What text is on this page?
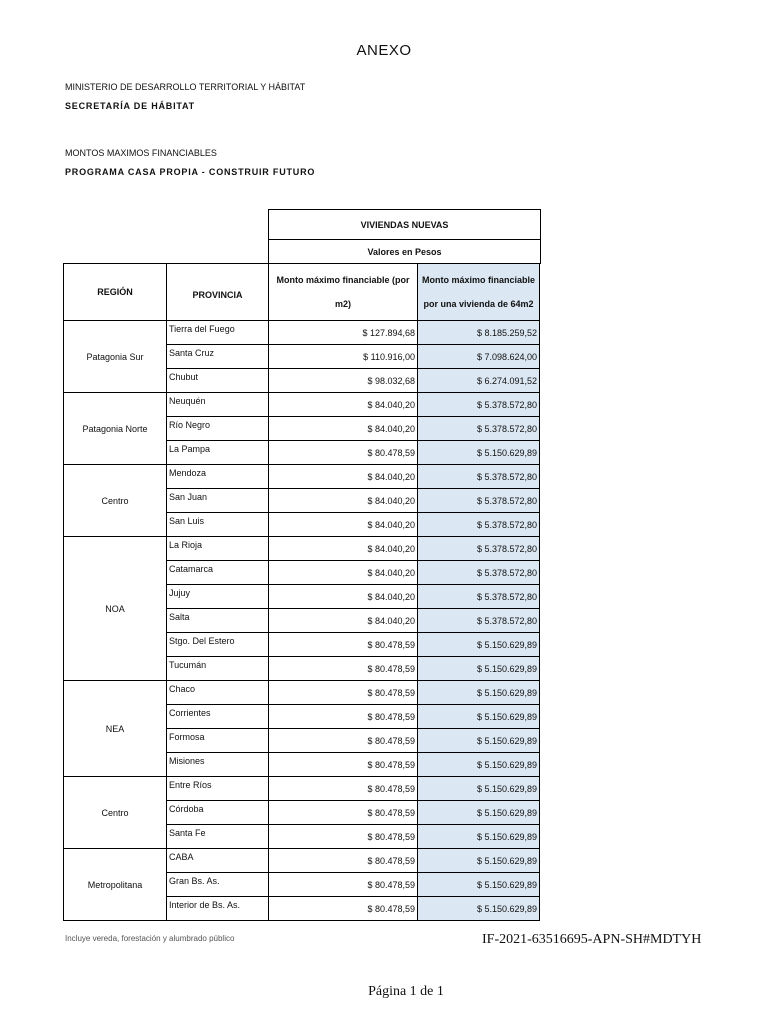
ANEXO
MINISTERIO DE DESARROLLO TERRITORIAL Y HÁBITAT
SECRETARÍA DE HÁBITAT
MONTOS MAXIMOS FINANCIABLES
PROGRAMA CASA PROPIA - CONSTRUIR FUTURO
VIVIENDAS NUEVAS
Valores en Pesos
REGIÓN	PROVINCIA	Monto máximo financiable (por m2)	Monto máximo financiable por una vivienda de 64m2
Patagonia Sur	Tierra del Fuego	$ 127.894,68	$ 8.185.259,52
	Santa Cruz	$ 110.916,00	$ 7.098.624,00
	Chubut	$ 98.032,68	$ 6.274.091,52
Patagonia Norte	Neuquén	$ 84.040,20	$ 5.378.572,80
	Río Negro	$ 84.040,20	$ 5.378.572,80
	La Pampa	$ 80.478,59	$ 5.150.629,89
Centro	Mendoza	$ 84.040,20	$ 5.378.572,80
	San Juan	$ 84.040,20	$ 5.378.572,80
	San Luis	$ 84.040,20	$ 5.378.572,80
NOA	La Rioja	$ 84.040,20	$ 5.378.572,80
	Catamarca	$ 84.040,20	$ 5.378.572,80
	Jujuy	$ 84.040,20	$ 5.378.572,80
	Salta	$ 84.040,20	$ 5.378.572,80
	Stgo. Del Estero	$ 80.478,59	$ 5.150.629,89
	Tucumán	$ 80.478,59	$ 5.150.629,89
NEA	Chaco	$ 80.478,59	$ 5.150.629,89
	Corrientes	$ 80.478,59	$ 5.150.629,89
	Formosa	$ 80.478,59	$ 5.150.629,89
	Misiones	$ 80.478,59	$ 5.150.629,89
Centro	Entre Ríos	$ 80.478,59	$ 5.150.629,89
	Córdoba	$ 80.478,59	$ 5.150.629,89
	Santa Fe	$ 80.478,59	$ 5.150.629,89
Metropolitana	CABA	$ 80.478,59	$ 5.150.629,89
	Gran Bs. As.	$ 80.478,59	$ 5.150.629,89
	Interior de Bs. As.	$ 80.478,59	$ 5.150.629,89
Incluye vereda, forestación y alumbrado público	IF-2021-63516695-APN-SH#MDTYH
Página 1 de 1
